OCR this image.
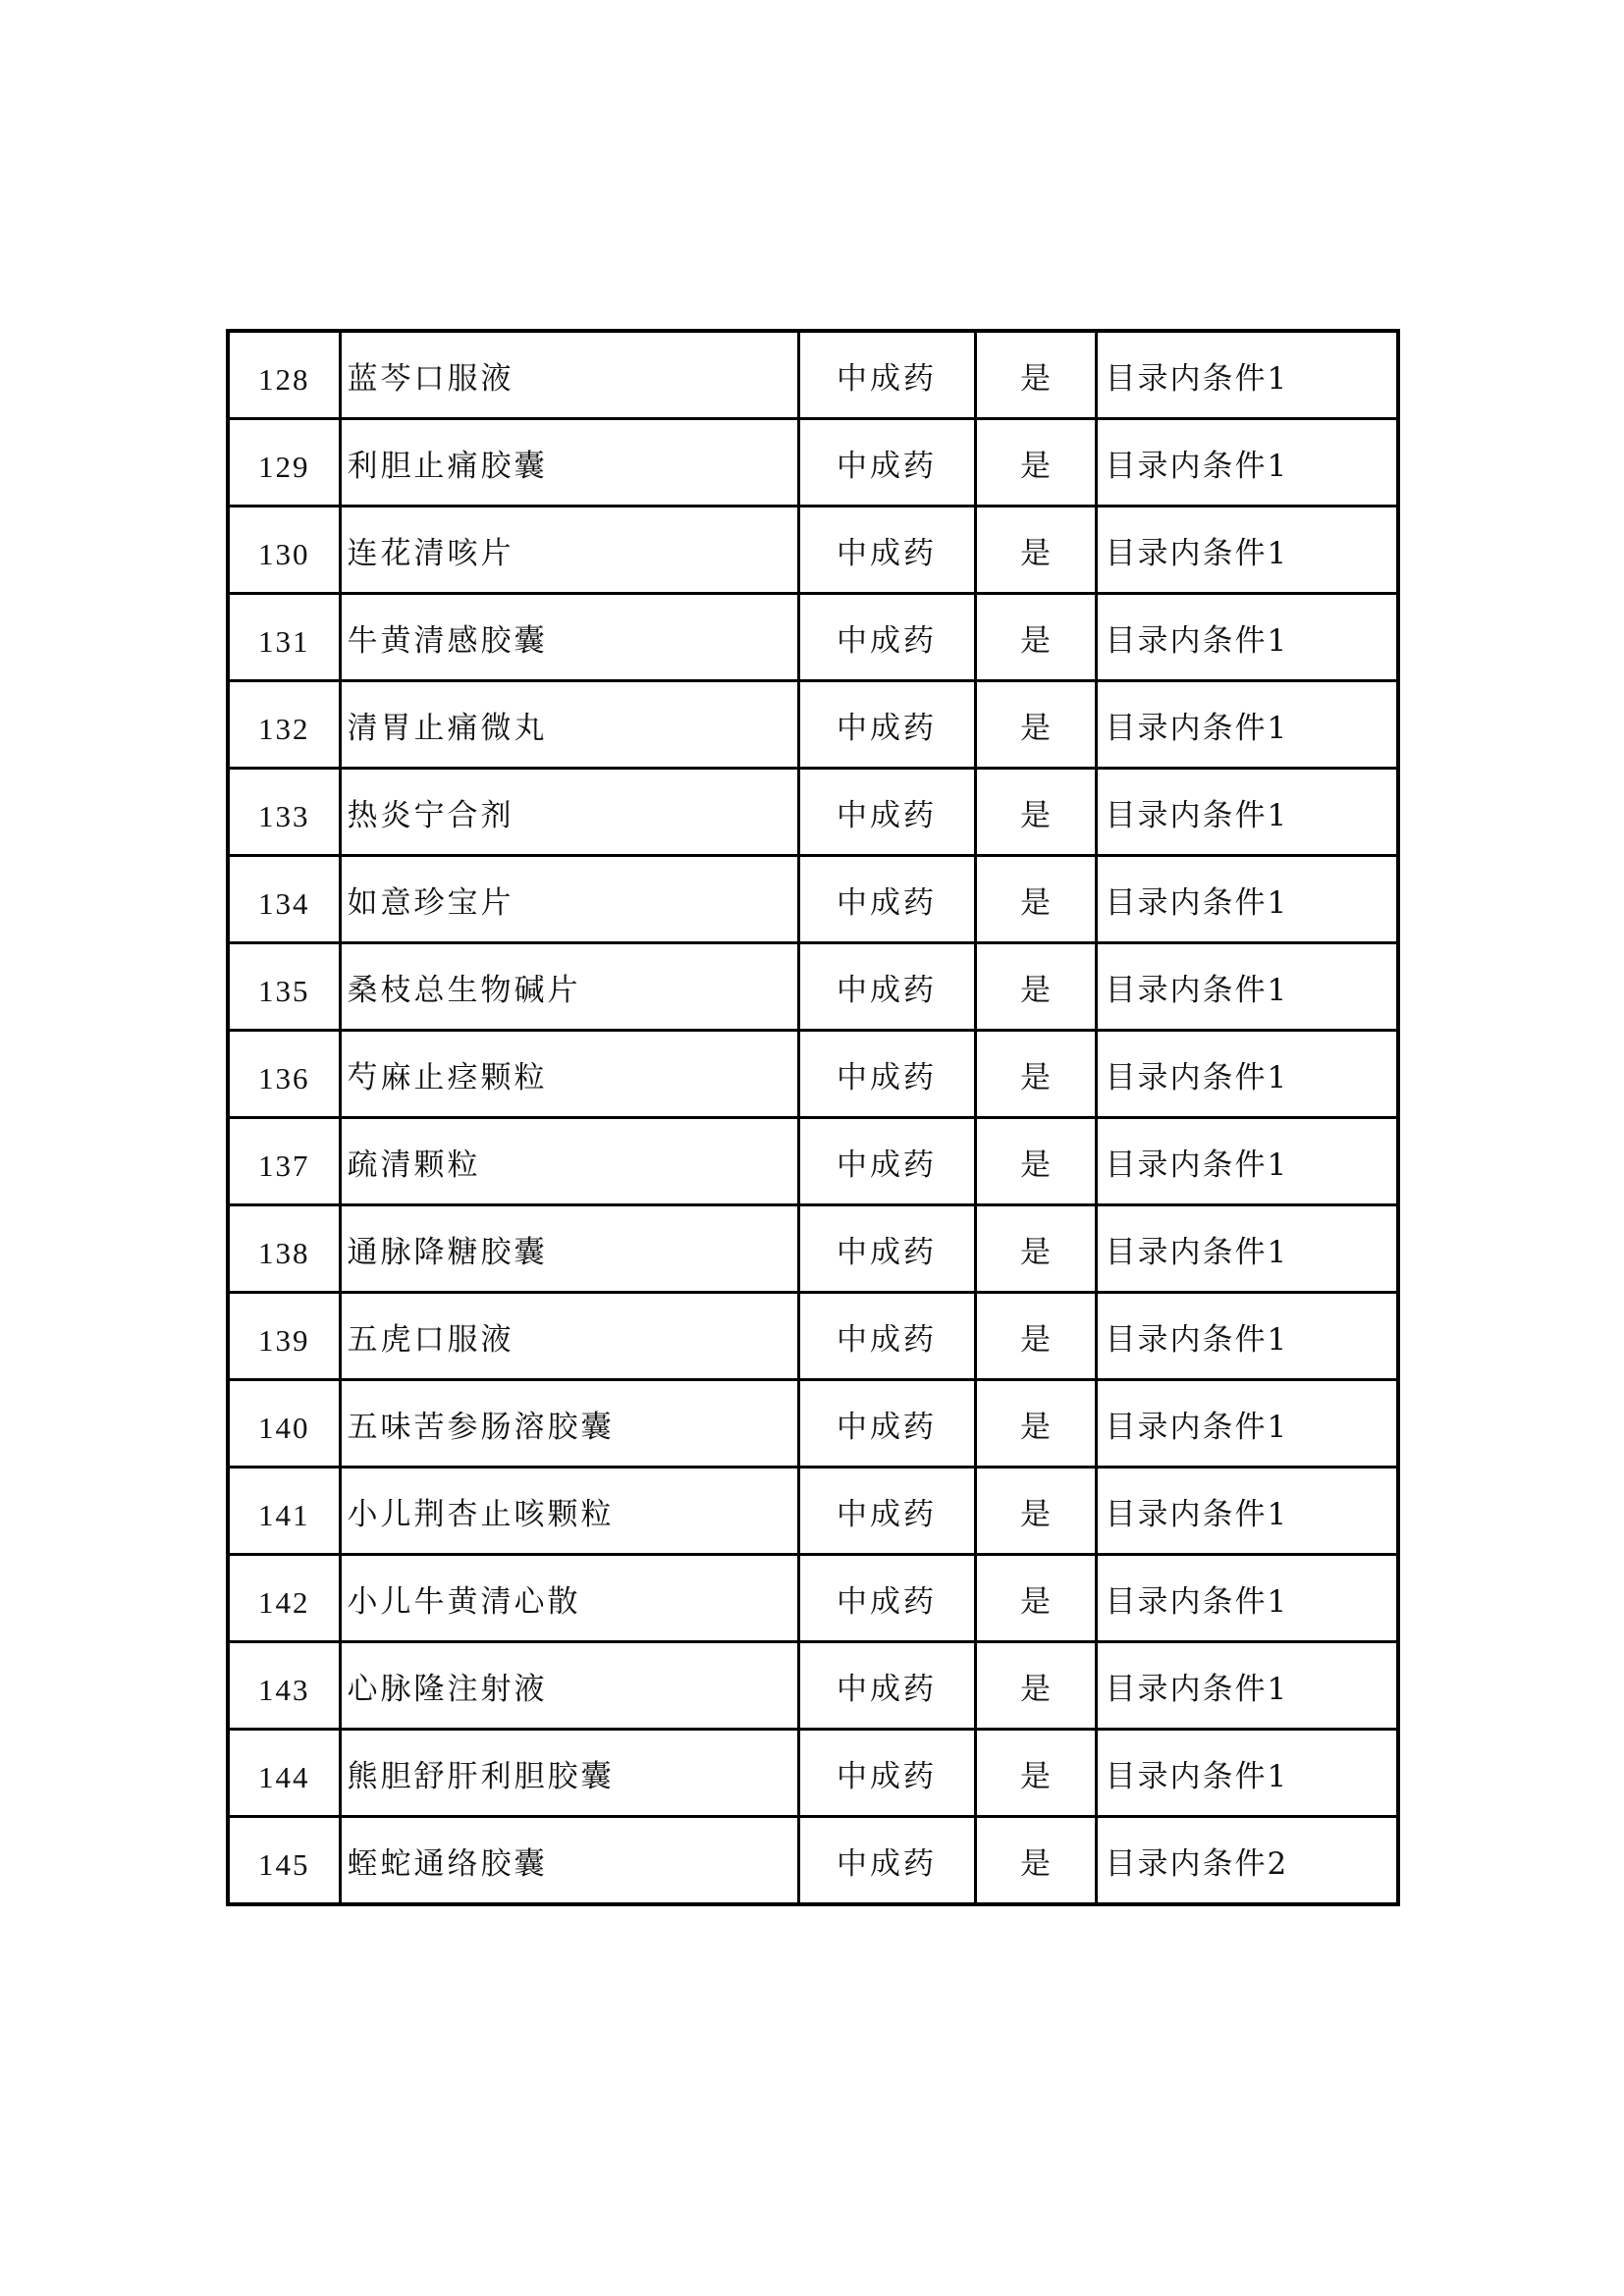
128	蓝芩口服液	中成药	是	目录内条件1
129	利胆止痛胶囊	中成药	是	目录内条件1
130	连花清咳片	中成药	是	目录内条件1
131	牛黄清感胶囊	中成药	是	目录内条件1
132	清胃止痛微丸	中成药	是	目录内条件1
133	热炎宁合剂	中成药	是	目录内条件1
134	如意珍宝片	中成药	是	目录内条件1
135	桑枝总生物碱片	中成药	是	目录内条件1
136	芍麻止痉颗粒	中成药	是	目录内条件1
137	疏清颗粒	中成药	是	目录内条件1
138	通脉降糖胶囊	中成药	是	目录内条件1
139	五虎口服液	中成药	是	目录内条件1
140	五味苦参肠溶胶囊	中成药	是	目录内条件1
141	小儿荆杏止咳颗粒	中成药	是	目录内条件1
142	小儿牛黄清心散	中成药	是	目录内条件1
143	心脉隆注射液	中成药	是	目录内条件1
144	熊胆舒肝利胆胶囊	中成药	是	目录内条件1
145	蛭蛇通络胶囊	中成药	是	目录内条件2
